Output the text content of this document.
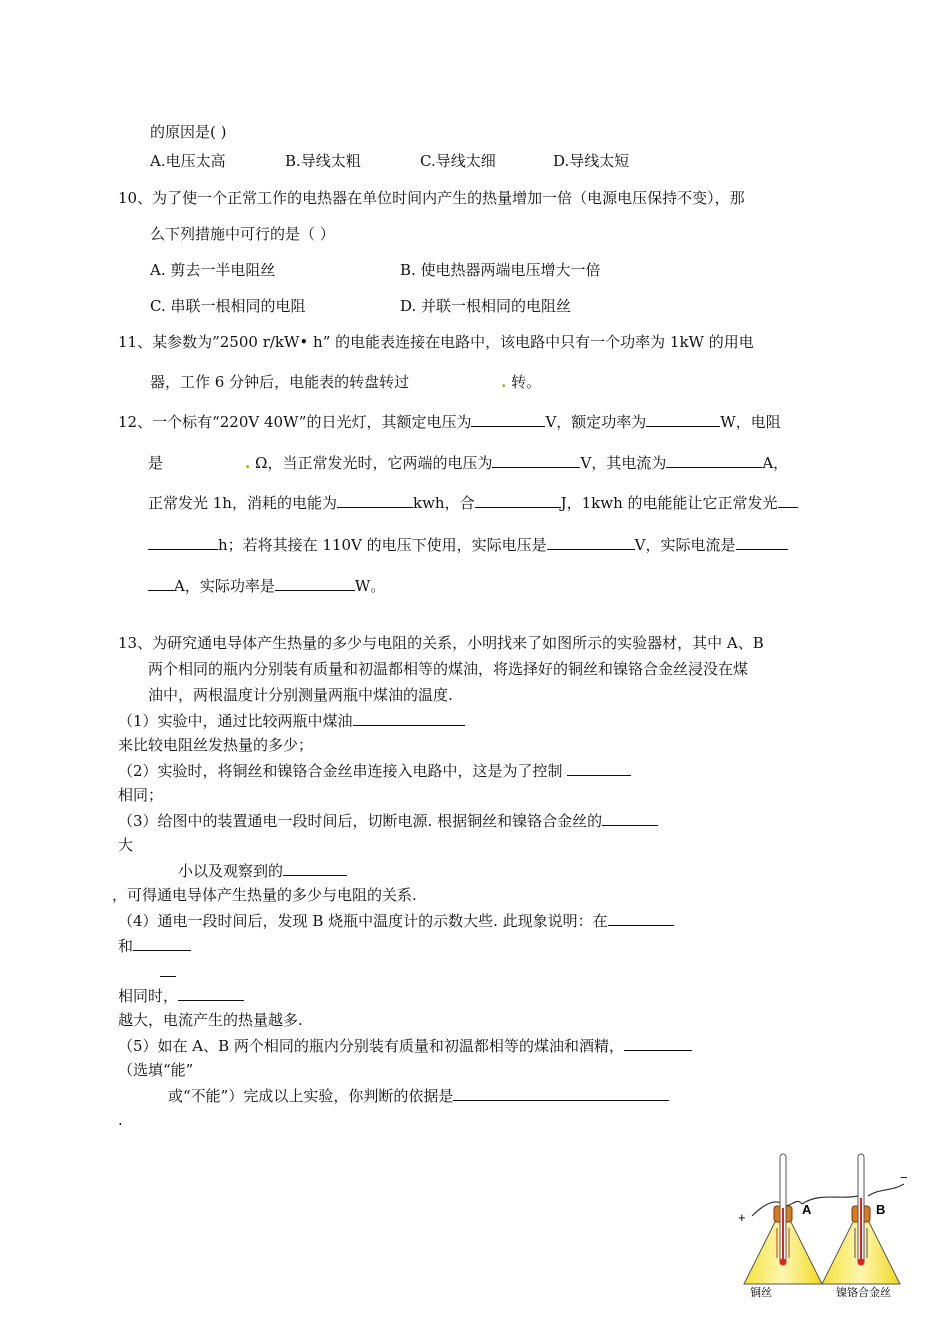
的原因是( )
A.电压太高	B.导线太粗	C.导线太细	D.导线太短
10、为了使一个正常工作的电热器在单位时间内产生的热量增加一倍（电源电压保持不变），那
么下列措施中可行的是（ ）
A. 剪去一半电阻丝	B. 使电热器两端电压增大一倍
C. 串联一根相同的电阻	D. 并联一根相同的电阻丝
11、某参数为”2500 r/kW• h” 的电能表连接在电路中，该电路中只有一个功率为 1kW 的用电
器，工作 6 分钟后，电能表的转盘转过	. 转。
12、一个标有“220V 40W”的日光灯，其额定电压为	V，额定功率为	W，电阻
是	. Ω，当正常发光时，它两端的电压为	V，其电流为	A，
正常发光 1h，消耗的电能为	kwh，合	J，1kwh 的电能能让它正常发光
h；若将其接在 110V 的电压下使用，实际电压是	V，实际电流是
A，实际功率是	W。
13、为研究通电导体产生热量的多少与电阻的关系，小明找来了如图所示的实验器材，其中 A、B
两个相同的瓶内分别装有质量和初温都相等的煤油，将选择好的铜丝和镍铬合金丝浸没在煤
油中，两根温度计分别测量两瓶中煤油的温度.
（1）实验中，通过比较两瓶中煤油
来比较电阻丝发热量的多少；
（2）实验时，将铜丝和镍铬合金丝串连接入电路中，这是为了控制
相同；
（3）给图中的装置通电一段时间后，切断电源. 根据铜丝和镍铬合金丝的
大
小以及观察到的
，可得通电导体产生热量的多少与电阻的关系.
（4）通电一段时间后，发现 B 烧瓶中温度计的示数大些. 此现象说明：在
和
相同时，
越大，电流产生的热量越多.
（5）如在 A、B 两个相同的瓶内分别装有质量和初温都相等的煤油和酒精，
（选填“能”
或“不能”）完成以上实验，你判断的依据是
.
+
−
A	B
铜丝	镍铬合金丝
